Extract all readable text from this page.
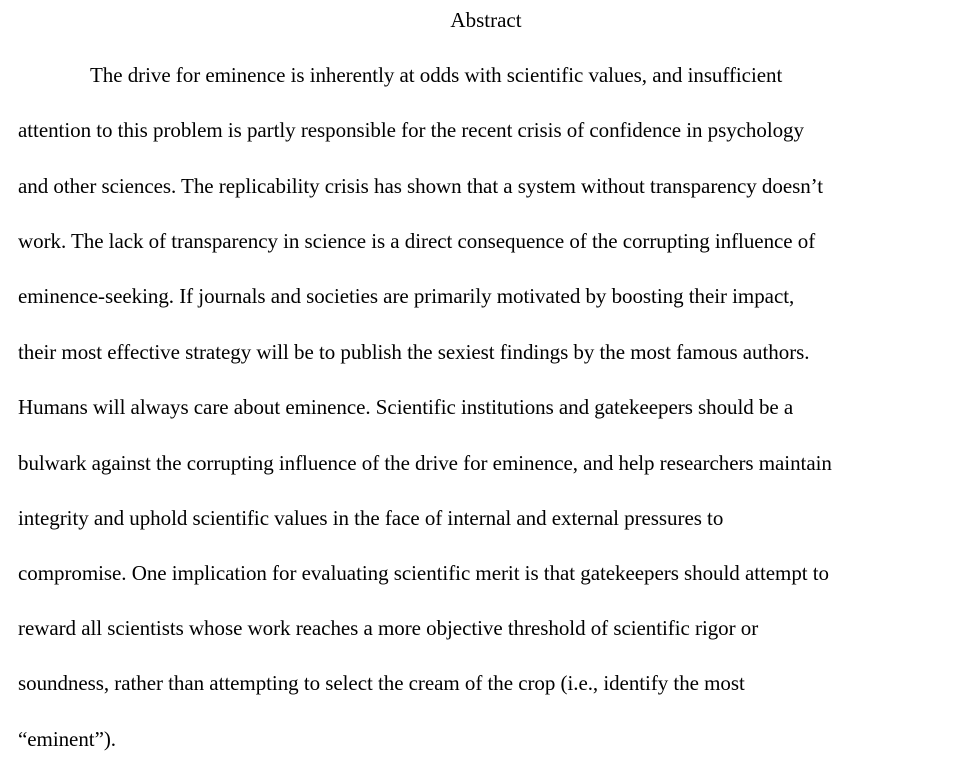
Abstract
The drive for eminence is inherently at odds with scientific values, and insufficient
attention to this problem is partly responsible for the recent crisis of confidence in psychology
and other sciences. The replicability crisis has shown that a system without transparency doesn’t
work. The lack of transparency in science is a direct consequence of the corrupting influence of
eminence-seeking. If journals and societies are primarily motivated by boosting their impact,
their most effective strategy will be to publish the sexiest findings by the most famous authors.
Humans will always care about eminence. Scientific institutions and gatekeepers should be a
bulwark against the corrupting influence of the drive for eminence, and help researchers maintain
integrity and uphold scientific values in the face of internal and external pressures to
compromise. One implication for evaluating scientific merit is that gatekeepers should attempt to
reward all scientists whose work reaches a more objective threshold of scientific rigor or
soundness, rather than attempting to select the cream of the crop (i.e., identify the most
“eminent”).
